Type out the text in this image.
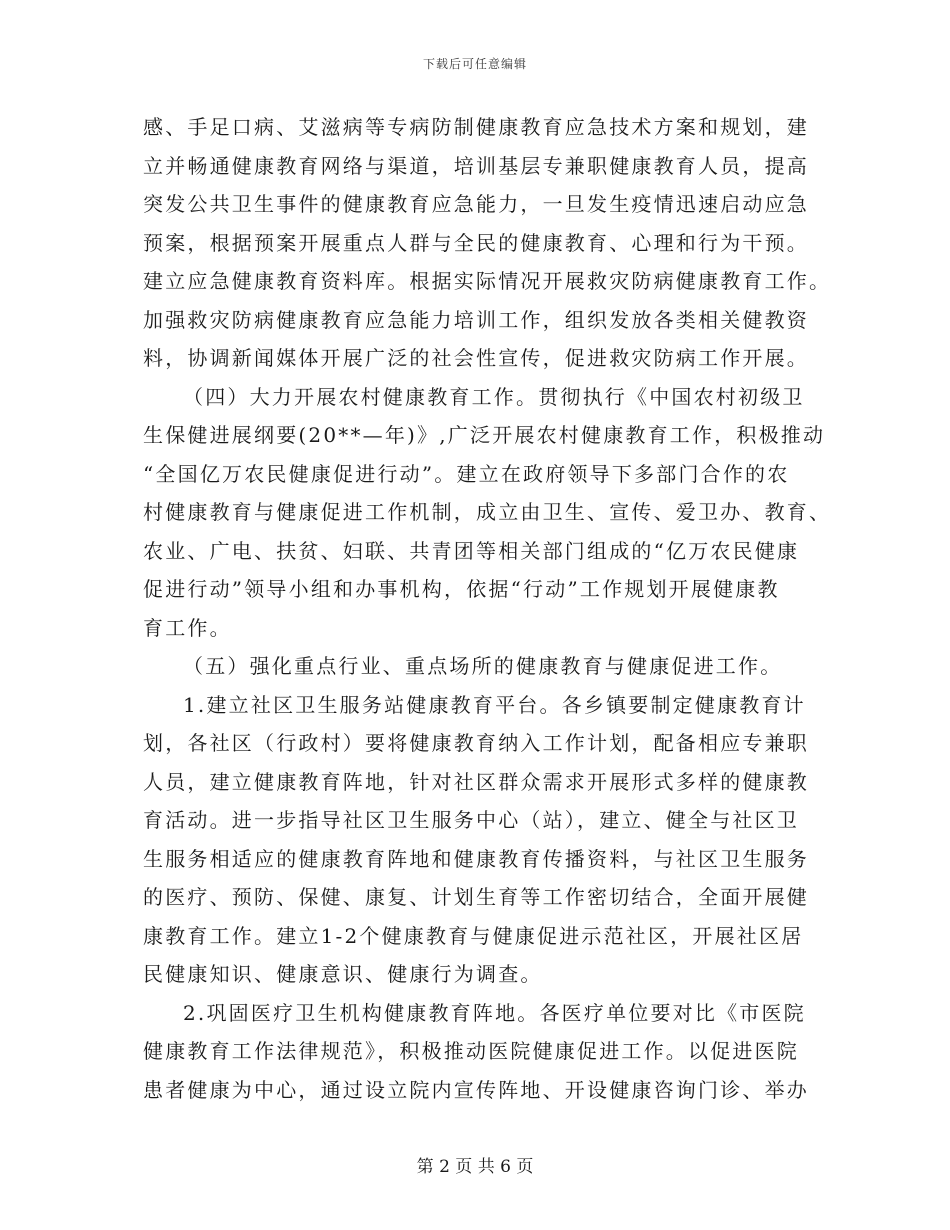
下载后可任意编辑
感、手足口病、艾滋病等专病防制健康教育应急技术方案和规划，建
立并畅通健康教育网络与渠道，培训基层专兼职健康教育人员，提高
突发公共卫生事件的健康教育应急能力，一旦发生疫情迅速启动应急
预案，根据预案开展重点人群与全民的健康教育、心理和行为干预。
建立应急健康教育资料库。根据实际情况开展救灾防病健康教育工作。
加强救灾防病健康教育应急能力培训工作，组织发放各类相关健教资
料，协调新闻媒体开展广泛的社会性宣传，促进救灾防病工作开展。
（四）大力开展农村健康教育工作。贯彻执行《中国农村初级卫
生保健进展纲要(20**—年)》,广泛开展农村健康教育工作，积极推动
“全国亿万农民健康促进行动”。建立在政府领导下多部门合作的农
村健康教育与健康促进工作机制，成立由卫生、宣传、爱卫办、教育、
农业、广电、扶贫、妇联、共青团等相关部门组成的“亿万农民健康
促进行动”领导小组和办事机构，依据“行动”工作规划开展健康教
育工作。
（五）强化重点行业、重点场所的健康教育与健康促进工作。
1.建立社区卫生服务站健康教育平台。各乡镇要制定健康教育计
划，各社区（行政村）要将健康教育纳入工作计划，配备相应专兼职
人员，建立健康教育阵地，针对社区群众需求开展形式多样的健康教
育活动。进一步指导社区卫生服务中心（站），建立、健全与社区卫
生服务相适应的健康教育阵地和健康教育传播资料，与社区卫生服务
的医疗、预防、保健、康复、计划生育等工作密切结合，全面开展健
康教育工作。建立1-2个健康教育与健康促进示范社区，开展社区居
民健康知识、健康意识、健康行为调查。
2.巩固医疗卫生机构健康教育阵地。各医疗单位要对比《市医院
健康教育工作法律规范》，积极推动医院健康促进工作。以促进医院
患者健康为中心，通过设立院内宣传阵地、开设健康咨询门诊、举办
第 2 页 共 6 页
